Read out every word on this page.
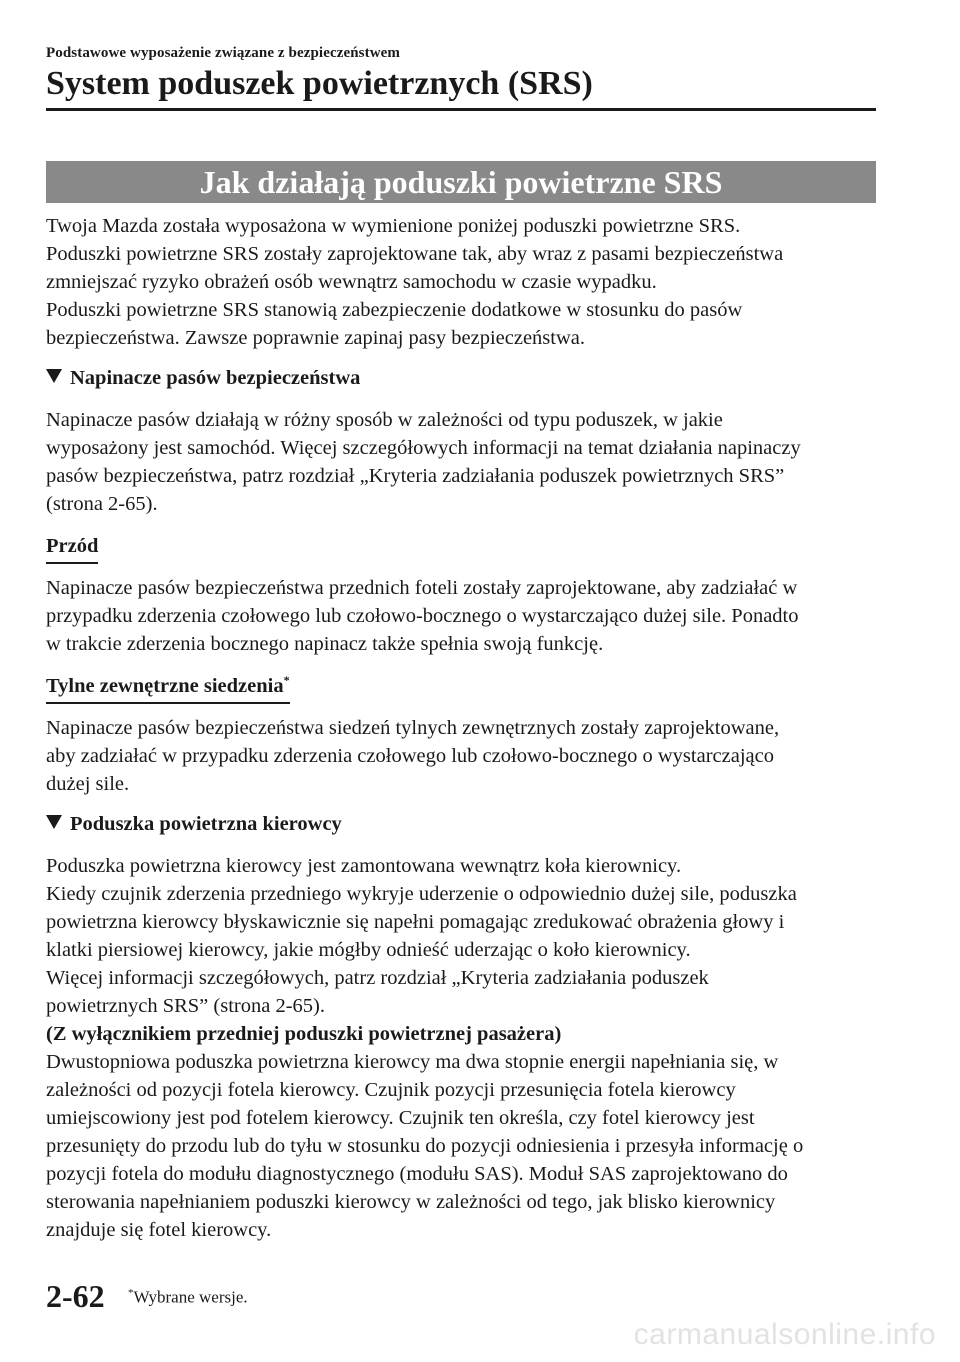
Podstawowe wyposażenie związane z bezpieczeństwem
System poduszek powietrznych (SRS)
Jak działają poduszki powietrzne SRS

Twoja Mazda została wyposażona w wymienione poniżej poduszki powietrzne SRS.
Poduszki powietrzne SRS zostały zaprojektowane tak, aby wraz z pasami bezpieczeństwa
zmniejszać ryzyko obrażeń osób wewnątrz samochodu w czasie wypadku.
Poduszki powietrzne SRS stanowią zabezpieczenie dodatkowe w stosunku do pasów
bezpieczeństwa. Zawsze poprawnie zapinaj pasy bezpieczeństwa.

Napinacze pasów bezpieczeństwa

Napinacze pasów działają w różny sposób w zależności od typu poduszek, w jakie
wyposażony jest samochód. Więcej szczegółowych informacji na temat działania napinaczy
pasów bezpieczeństwa, patrz rozdział „Kryteria zadziałania poduszek powietrznych SRS”
(strona 2-65).

Przód

Napinacze pasów bezpieczeństwa przednich foteli zostały zaprojektowane, aby zadziałać w
przypadku zderzenia czołowego lub czołowo-bocznego o wystarczająco dużej sile. Ponadto
w trakcie zderzenia bocznego napinacz także spełnia swoją funkcję.

Tylne zewnętrzne siedzenia*

Napinacze pasów bezpieczeństwa siedzeń tylnych zewnętrznych zostały zaprojektowane,
aby zadziałać w przypadku zderzenia czołowego lub czołowo-bocznego o wystarczająco
dużej sile.

Poduszka powietrzna kierowcy

Poduszka powietrzna kierowcy jest zamontowana wewnątrz koła kierownicy.
Kiedy czujnik zderzenia przedniego wykryje uderzenie o odpowiednio dużej sile, poduszka
powietrzna kierowcy błyskawicznie się napełni pomagając zredukować obrażenia głowy i
klatki piersiowej kierowcy, jakie mógłby odnieść uderzając o koło kierownicy.
Więcej informacji szczegółowych, patrz rozdział „Kryteria zadziałania poduszek
powietrznych SRS” (strona 2-65).
(Z wyłącznikiem przedniej poduszki powietrznej pasażera)
Dwustopniowa poduszka powietrzna kierowcy ma dwa stopnie energii napełniania się, w
zależności od pozycji fotela kierowcy. Czujnik pozycji przesunięcia fotela kierowcy
umiejscowiony jest pod fotelem kierowcy. Czujnik ten określa, czy fotel kierowcy jest
przesunięty do przodu lub do tyłu w stosunku do pozycji odniesienia i przesyła informację o
pozycji fotela do modułu diagnostycznego (modułu SAS). Moduł SAS zaprojektowano do
sterowania napełnianiem poduszki kierowcy w zależności od tego, jak blisko kierownicy
znajduje się fotel kierowcy.

2-62 *Wybrane wersje.
carmanualsonline.info
